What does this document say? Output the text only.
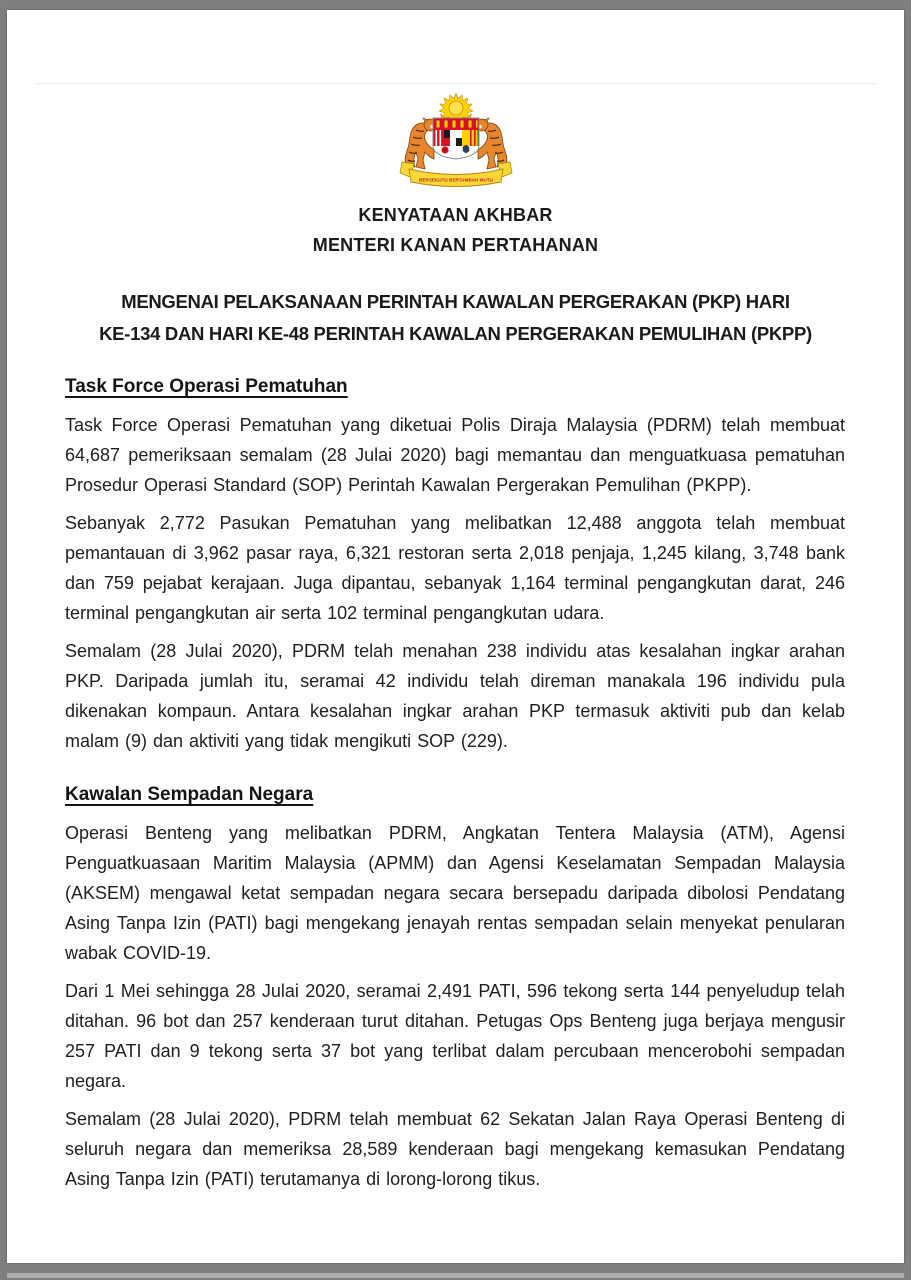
BERSEKUTU BERTAMBAH MUTU
KENYATAAN AKHBAR
MENTERI KANAN PERTAHANAN
MENGENAI PELAKSANAAN PERINTAH KAWALAN PERGERAKAN (PKP) HARI
KE-134 DAN HARI KE-48 PERINTAH KAWALAN PERGERAKAN PEMULIHAN (PKPP)
Task Force Operasi Pematuhan

Task Force Operasi Pematuhan yang diketuai Polis Diraja Malaysia (PDRM) telah membuat 64,687 pemeriksaan semalam (28 Julai 2020) bagi memantau dan menguatkuasa pematuhan Prosedur Operasi Standard (SOP) Perintah Kawalan Pergerakan Pemulihan (PKPP).

Sebanyak 2,772 Pasukan Pematuhan yang melibatkan 12,488 anggota telah membuat pemantauan di 3,962 pasar raya, 6,321 restoran serta 2,018 penjaja, 1,245 kilang, 3,748 bank dan 759 pejabat kerajaan. Juga dipantau, sebanyak 1,164 terminal pengangkutan darat, 246 terminal pengangkutan air serta 102 terminal pengangkutan udara.

Semalam (28 Julai 2020), PDRM telah menahan 238 individu atas kesalahan ingkar arahan PKP. Daripada jumlah itu, seramai 42 individu telah direman manakala 196 individu pula dikenakan kompaun. Antara kesalahan ingkar arahan PKP termasuk aktiviti pub dan kelab malam (9) dan aktiviti yang tidak mengikuti SOP (229).

Kawalan Sempadan Negara

Operasi Benteng yang melibatkan PDRM, Angkatan Tentera Malaysia (ATM), Agensi Penguatkuasaan Maritim Malaysia (APMM) dan Agensi Keselamatan Sempadan Malaysia (AKSEM) mengawal ketat sempadan negara secara bersepadu daripada dibolosi Pendatang Asing Tanpa Izin (PATI) bagi mengekang jenayah rentas sempadan selain menyekat penularan wabak COVID-19.

Dari 1 Mei sehingga 28 Julai 2020, seramai 2,491 PATI, 596 tekong serta 144 penyeludup telah ditahan. 96 bot dan 257 kenderaan turut ditahan. Petugas Ops Benteng juga berjaya mengusir 257 PATI dan 9 tekong serta 37 bot yang terlibat dalam percubaan mencerobohi sempadan negara.

Semalam (28 Julai 2020), PDRM telah membuat 62 Sekatan Jalan Raya Operasi Benteng di seluruh negara dan memeriksa 28,589 kenderaan bagi mengekang kemasukan Pendatang Asing Tanpa Izin (PATI) terutamanya di lorong-lorong tikus.
